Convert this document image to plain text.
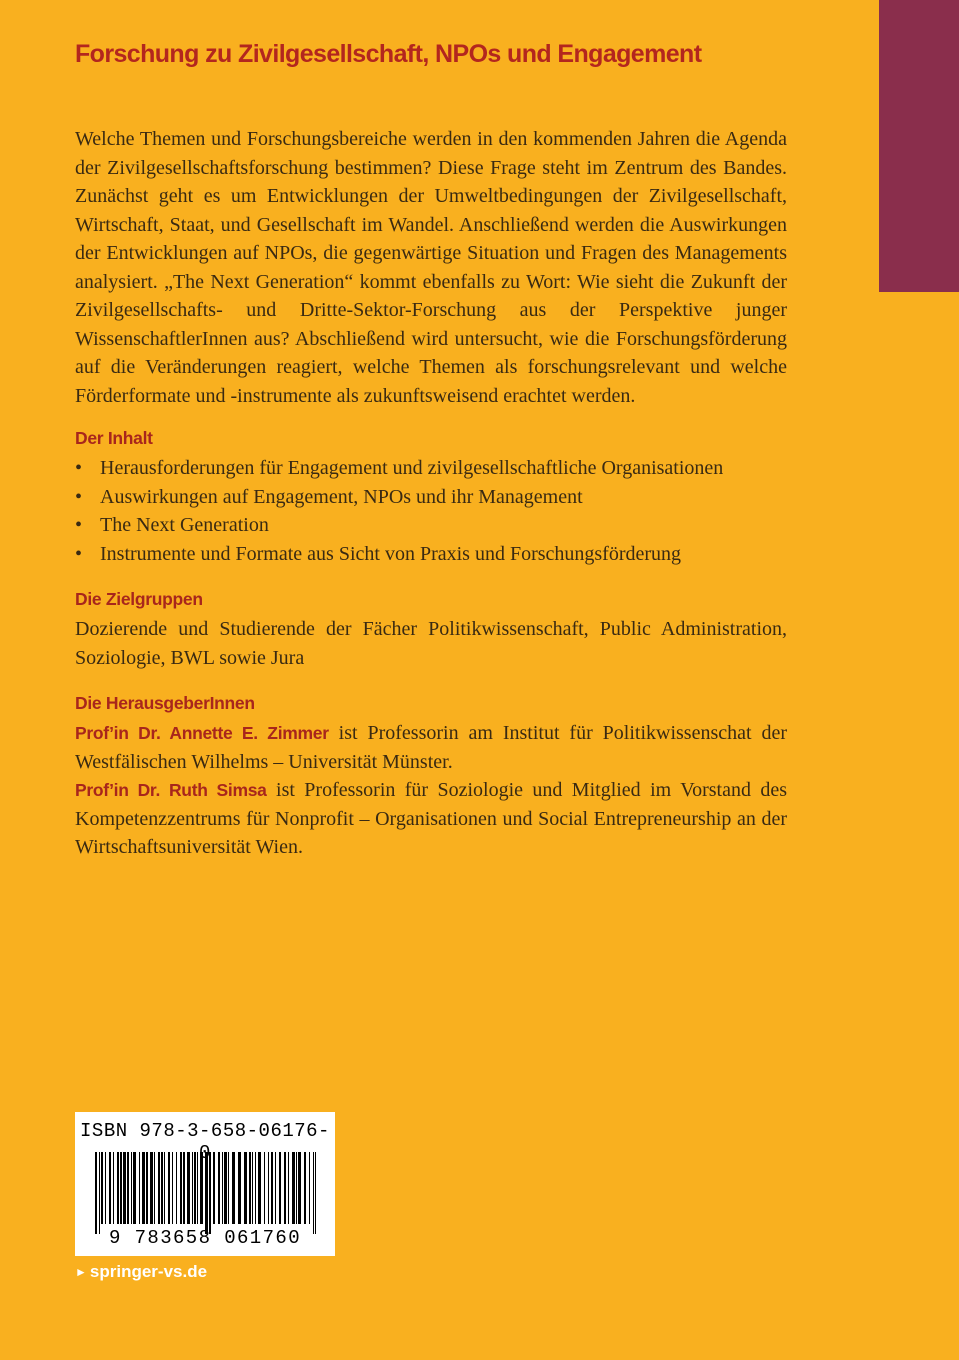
Forschung zu Zivilgesellschaft, NPOs und Engagement

Welche Themen und Forschungsbereiche werden in den kommenden Jahren die Agenda der Zivilgesellschaftsforschung bestimmen? Diese Frage steht im Zentrum des Bandes. Zunächst geht es um Entwicklungen der Umweltbedingungen der Zivilgesellschaft, Wirtschaft, Staat, und Gesellschaft im Wandel. Anschließend werden die Auswirkungen der Entwicklungen auf NPOs, die gegenwärtige Situation und Fragen des Managements analysiert. „The Next Generation“ kommt ebenfalls zu Wort: Wie sieht die Zukunft der Zivilgesellschafts- und Dritte-Sektor-Forschung aus der Perspektive junger WissenschaftlerInnen aus? Abschließend wird untersucht, wie die Forschungsförderung auf die Veränderungen reagiert, welche Themen als forschungsrelevant und welche Förderformate und -instrumente als zukunftsweisend erachtet werden.

Der Inhalt
• Herausforderungen für Engagement und zivilgesellschaftliche Organisationen
• Auswirkungen auf Engagement, NPOs und ihr Management
• The Next Generation
• Instrumente und Formate aus Sicht von Praxis und Forschungsförderung
Die Zielgruppen

Dozierende und Studierende der Fächer Politikwissenschaft, Public Administration, Soziologie, BWL sowie Jura

Die HerausgeberInnen

Prof’in Dr. Annette E. Zimmer ist Professorin am Institut für Politikwissenschat der Westfälischen Wilhelms – Universität Münster.

Prof’in Dr. Ruth Simsa ist Professorin für Soziologie und Mitglied im Vorstand des Kompetenzzentrums für Nonprofit – Organisationen und Social Entrepreneurship an der Wirtschaftsuniversität Wien.

ISBN 978-3-658-06176-
9 783658 061760
► springer-vs.de
